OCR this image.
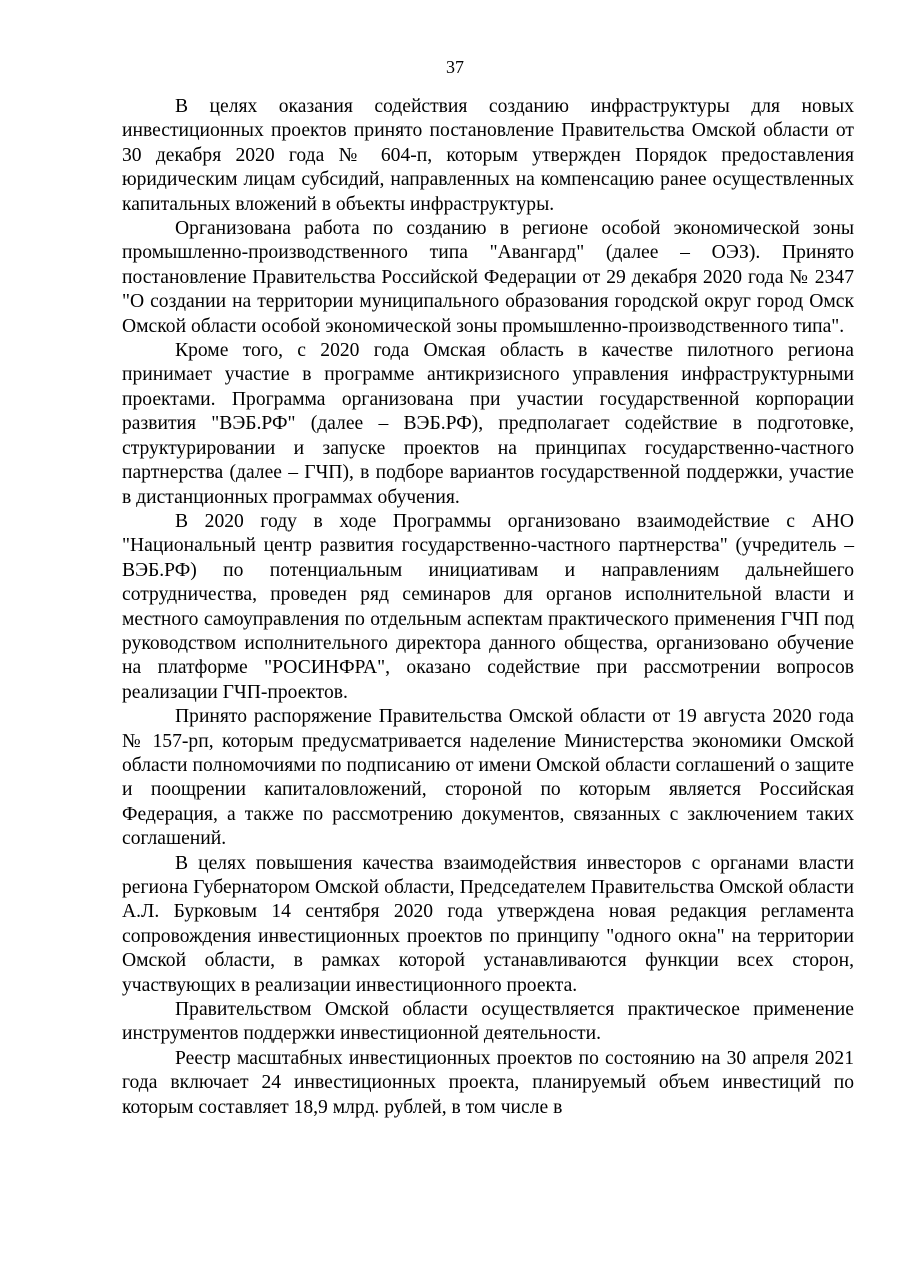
37

В целях оказания содействия созданию инфраструктуры для новых инвестиционных проектов принято постановление Правительства Омской области от 30 декабря 2020 года № 604-п, которым утвержден Порядок предоставления юридическим лицам субсидий, направленных на компенсацию ранее осуществленных капитальных вложений в объекты инфраструктуры.

Организована работа по созданию в регионе особой экономической зоны промышленно-производственного типа "Авангард" (далее – ОЭЗ). Принято постановление Правительства Российской Федерации от 29 декабря 2020 года № 2347 "О создании на территории муниципального образования городской округ город Омск Омской области особой экономической зоны промышленно-производственного типа".

Кроме того, с 2020 года Омская область в качестве пилотного региона принимает участие в программе антикризисного управления инфраструктурными проектами. Программа организована при участии государственной корпорации развития "ВЭБ.РФ" (далее – ВЭБ.РФ), предполагает содействие в подготовке, структурировании и запуске проектов на принципах государственно-частного партнерства (далее – ГЧП), в подборе вариантов государственной поддержки, участие в дистанционных программах обучения.

В 2020 году в ходе Программы организовано взаимодействие с АНО "Национальный центр развития государственно-частного партнерства" (учредитель – ВЭБ.РФ) по потенциальным инициативам и направлениям дальнейшего сотрудничества, проведен ряд семинаров для органов исполнительной власти и местного самоуправления по отдельным аспектам практического применения ГЧП под руководством исполнительного директора данного общества, организовано обучение на платформе "РОСИНФРА", оказано содействие при рассмотрении вопросов реализации ГЧП-проектов.

Принято распоряжение Правительства Омской области от 19 августа 2020 года № 157-рп, которым предусматривается наделение Министерства экономики Омской области полномочиями по подписанию от имени Омской области соглашений о защите и поощрении капиталовложений, стороной по которым является Российская Федерация, а также по рассмотрению документов, связанных с заключением таких соглашений.

В целях повышения качества взаимодействия инвесторов с органами власти региона Губернатором Омской области, Председателем Правительства Омской области А.Л. Бурковым 14 сентября 2020 года утверждена новая редакция регламента сопровождения инвестиционных проектов по принципу "одного окна" на территории Омской области, в рамках которой устанавливаются функции всех сторон, участвующих в реализации инвестиционного проекта.

Правительством Омской области осуществляется практическое применение инструментов поддержки инвестиционной деятельности.

Реестр масштабных инвестиционных проектов по состоянию на 30 апреля 2021 года включает 24 инвестиционных проекта, планируемый объем инвестиций по которым составляет 18,9 млрд. рублей, в том числе в
